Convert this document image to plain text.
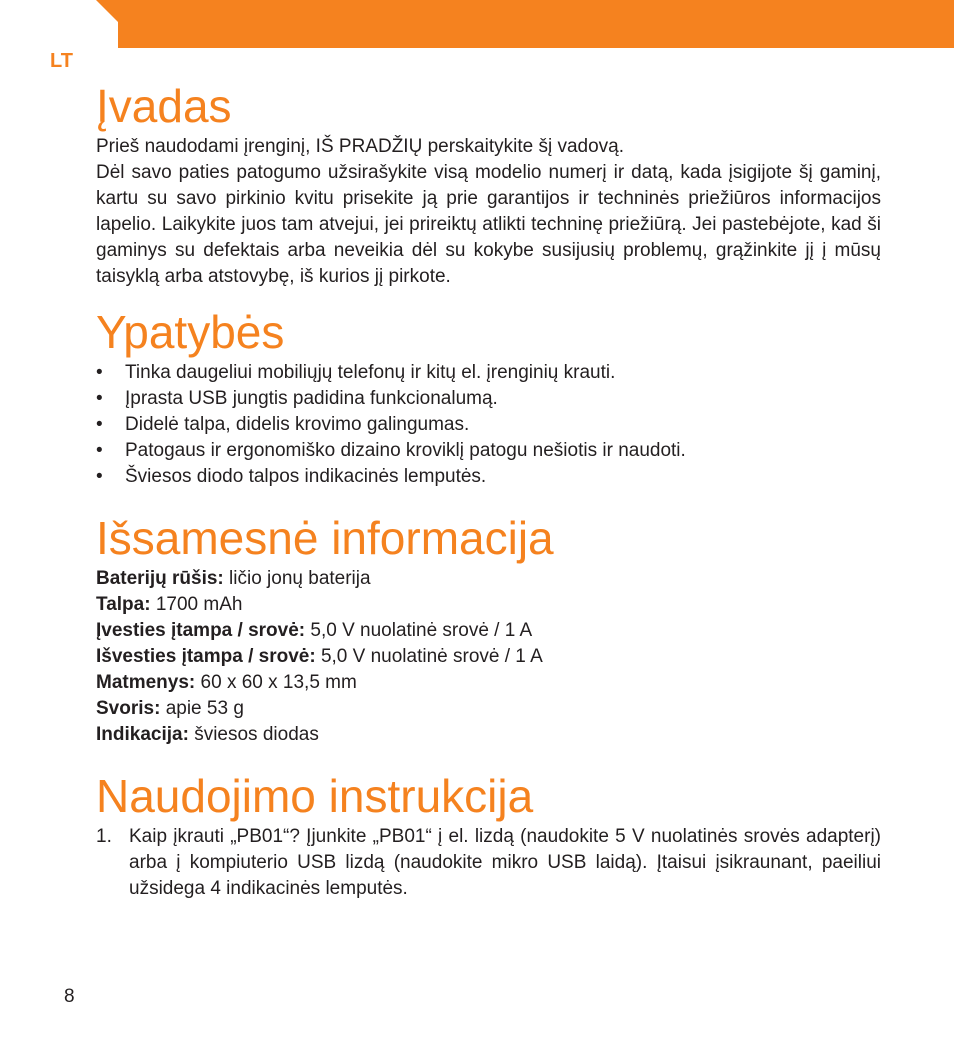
LT
Įvadas

Prieš naudodami įrenginį, IŠ PRADŽIŲ perskaitykite šį vadovą.
Dėl savo paties patogumo užsirašykite visą modelio numerį ir datą, kada įsigijote šį gaminį, kartu su savo pirkinio kvitu prisekite ją prie garantijos ir techninės priežiūros informacijos lapelio. Laikykite juos tam atvejui, jei prireiktų atlikti techninę priežiūrą. Jei pastebėjote, kad ši gaminys su defektais arba neveikia dėl su kokybe susijusių problemų, grąžinkite jį į mūsų taisyklą arba atstovybę, iš kurios jį pirkote.

Ypatybės
• Tinka daugeliui mobiliųjų telefonų ir kitų el. įrenginių krauti.
• Įprasta USB jungtis padidina funkcionalumą.
• Didelė talpa, didelis krovimo galingumas.
• Patogaus ir ergonomiško dizaino kroviklį patogu nešiotis ir naudoti.
• Šviesos diodo talpos indikacinės lemputės.
Išsamesnė informacija
Baterijų rūšis: ličio jonų baterija
Talpa: 1700 mAh
Įvesties įtampa / srovė: 5,0 V nuolatinė srovė / 1 A
Išvesties įtampa / srovė: 5,0 V nuolatinė srovė / 1 A
Matmenys: 60 x 60 x 13,5 mm
Svoris: apie 53 g
Indikacija: šviesos diodas
Naudojimo instrukcija
1. Kaip įkrauti „PB01“? Įjunkite „PB01“ į el. lizdą (naudokite 5 V nuolatinės srovės adapterį) arba į kompiuterio USB lizdą (naudokite mikro USB laidą). Įtaisui įsikraunant, paeiliui užsidega 4 indikacinės lemputės.
8
